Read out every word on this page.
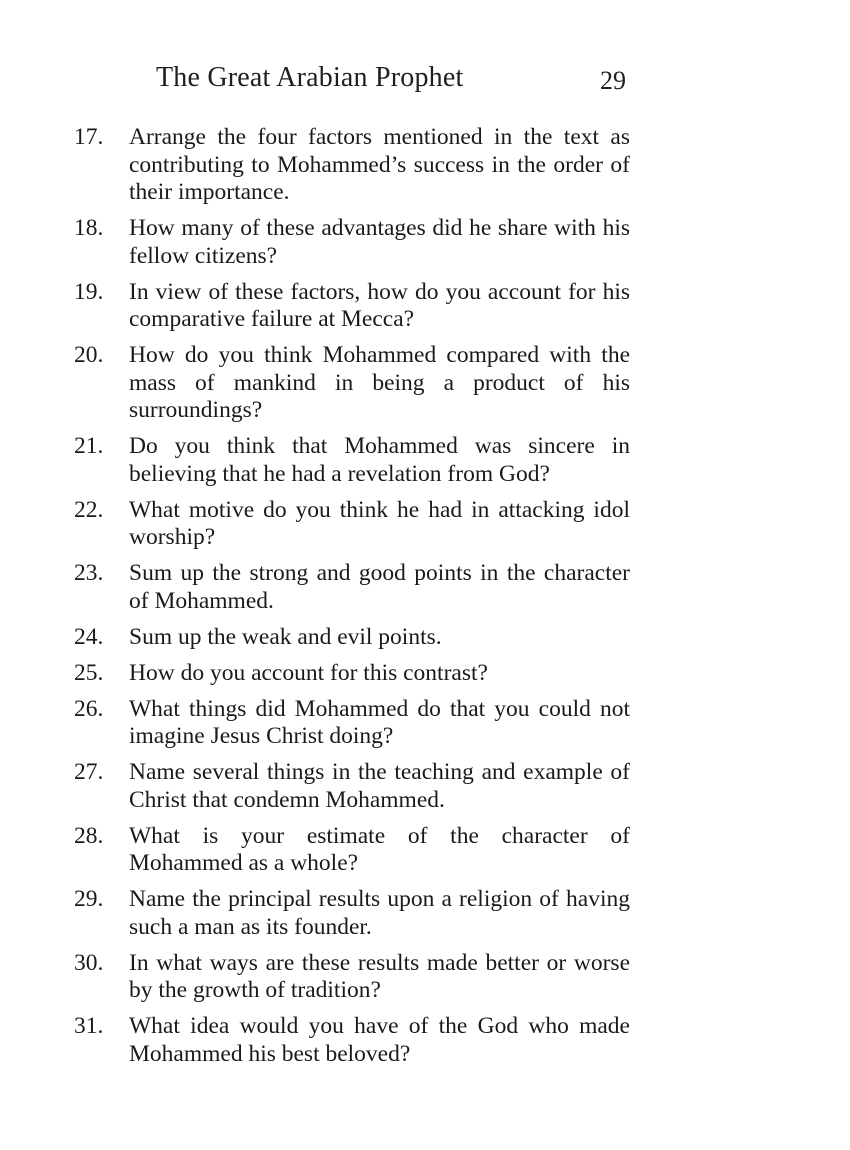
The Great Arabian Prophet	29
17.	Arrange the four factors mentioned in the text as contributing to Mohammed’s success in the order of their importance.
18.	How many of these advantages did he share with his fellow citizens?
19.	In view of these factors, how do you account for his comparative failure at Mecca?
20.	How do you think Mohammed compared with the mass of mankind in being a product of his surroundings?
21.	Do you think that Mohammed was sincere in believing that he had a revelation from God?
22.	What motive do you think he had in attacking idol worship?
23.	Sum up the strong and good points in the character of Mohammed.
24.	Sum up the weak and evil points.
25.	How do you account for this contrast?
26.	What things did Mohammed do that you could not imagine Jesus Christ doing?
27.	Name several things in the teaching and example of Christ that condemn Mohammed.
28.	What is your estimate of the character of Mohammed as a whole?
29.	Name the principal results upon a religion of having such a man as its founder.
30.	In what ways are these results made better or worse by the growth of tradition?
31.	What idea would you have of the God who made Mohammed his best beloved?
